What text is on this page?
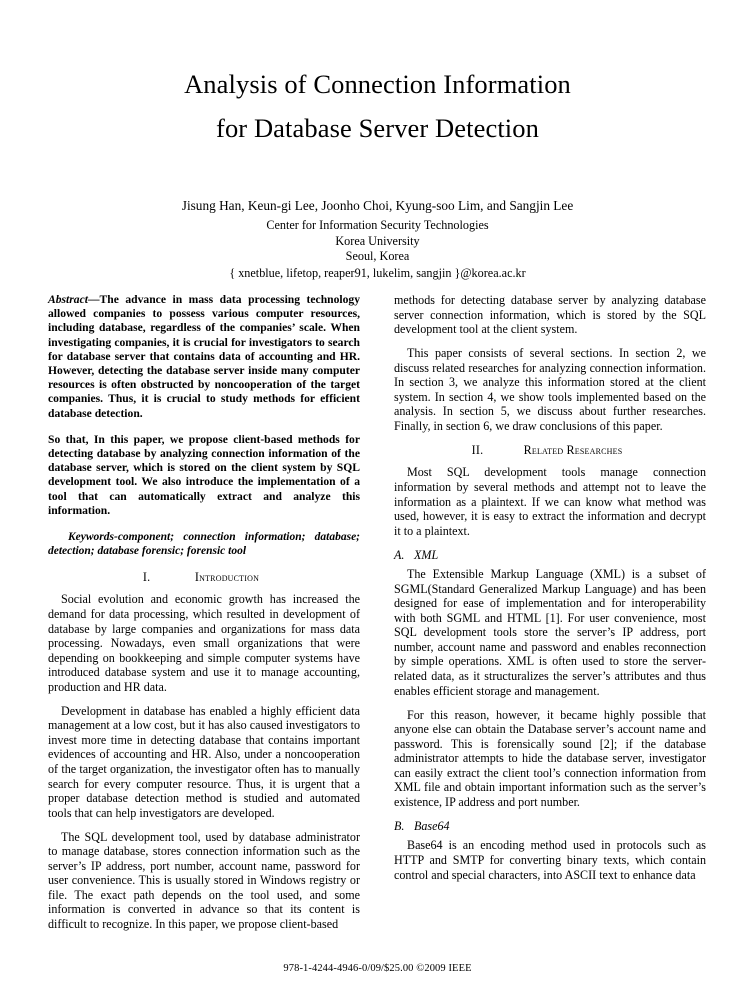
Analysis of Connection Information
for Database Server Detection
Jisung Han, Keun-gi Lee, Joonho Choi, Kyung-soo Lim, and Sangjin Lee
Center for Information Security Technologies
Korea University
Seoul, Korea
{ xnetblue, lifetop, reaper91, lukelim, sangjin }@korea.ac.kr

Abstract—The advance in mass data processing technology allowed companies to possess various computer resources, including database, regardless of the companies’ scale. When investigating companies, it is crucial for investigators to search for database server that contains data of accounting and HR. However, detecting the database server inside many computer resources is often obstructed by noncooperation of the target companies. Thus, it is crucial to study methods for efficient database detection.

So that, In this paper, we propose client-based methods for detecting database by analyzing connection information of the database server, which is stored on the client system by SQL development tool. We also introduce the implementation of a tool that can automatically extract and analyze this information.

Keywords-component; connection information; database; detection; database forensic; forensic tool

I.	Introduction

Social evolution and economic growth has increased the demand for data processing, which resulted in development of database by large companies and organizations for mass data processing. Nowadays, even small organizations that were depending on bookkeeping and simple computer systems have introduced database system and use it to manage accounting, production and HR data.

Development in database has enabled a highly efficient data management at a low cost, but it has also caused investigators to invest more time in detecting database that contains important evidences of accounting and HR. Also, under a noncooperation of the target organization, the investigator often has to manually search for every computer resource. Thus, it is urgent that a proper database detection method is studied and automated tools that can help investigators are developed.

The SQL development tool, used by database administrator to manage database, stores connection information such as the server’s IP address, port number, account name, password for user convenience. This is usually stored in Windows registry or file. The exact path depends on the tool used, and some information is converted in advance so that its content is difficult to recognize. In this paper, we propose client-based

methods for detecting database server by analyzing database server connection information, which is stored by the SQL development tool at the client system.

This paper consists of several sections. In section 2, we discuss related researches for analyzing connection information. In section 3, we analyze this information stored at the client system. In section 4, we show tools implemented based on the analysis. In section 5, we discuss about further researches. Finally, in section 6, we draw conclusions of this paper.

II.	Related Researches

Most SQL development tools manage connection information by several methods and attempt not to leave the information as a plaintext. If we can know what method was used, however, it is easy to extract the information and decrypt it to a plaintext.

A. XML

The Extensible Markup Language (XML) is a subset of SGML(Standard Generalized Markup Language) and has been designed for ease of implementation and for interoperability with both SGML and HTML [1]. For user convenience, most SQL development tools store the server’s IP address, port number, account name and password and enables reconnection by simple operations. XML is often used to store the server-related data, as it structuralizes the server’s attributes and thus enables efficient storage and management.

For this reason, however, it became highly possible that anyone else can obtain the Database server’s account name and password. This is forensically sound [2]; if the database administrator attempts to hide the database server, investigator can easily extract the client tool’s connection information from XML file and obtain important information such as the server’s existence, IP address and port number.

B. Base64

Base64 is an encoding method used in protocols such as HTTP and SMTP for converting binary texts, which contain control and special characters, into ASCII text to enhance data

978-1-4244-4946-0/09/$25.00 ©2009 IEEE
